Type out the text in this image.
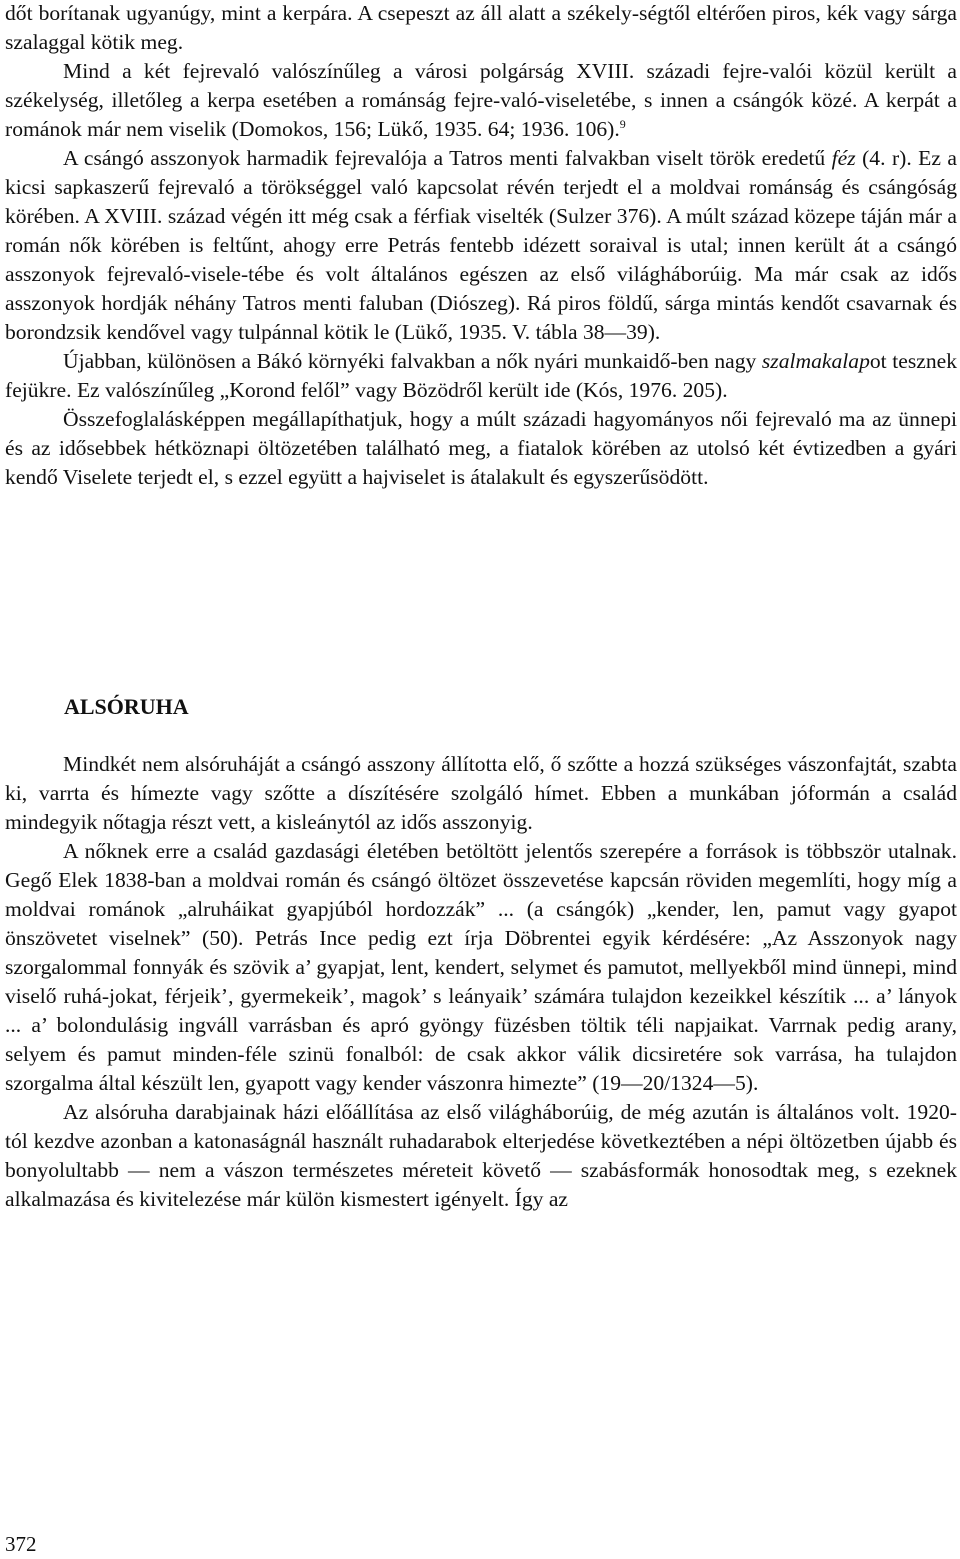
dőt borítanak ugyanúgy, mint a kerpára. A csepeszt az áll alatt a székely-ségtől eltérően piros, kék vagy sárga szalaggal kötik meg.

Mind a két fejrevaló valószínűleg a városi polgárság XVIII. századi fejre-valói közül került a székelység, illetőleg a kerpa esetében a románság fejre-való-viseletébe, s innen a csángók közé. A kerpát a románok már nem viselik (Domokos, 156; Lükő, 1935. 64; 1936. 106).$^9$

A csángó asszonyok harmadik fejrevalója a Tatros menti falvakban viselt török eredetű féz (4. r). Ez a kicsi sapkaszerű fejrevaló a törökséggel való kapcsolat révén terjedt el a moldvai románság és csángóság körében. A XVIII. század végén itt még csak a férfiak viselték (Sulzer 376). A múlt század közepe táján már a román nők körében is feltűnt, ahogy erre Petrás fentebb idézett soraival is utal; innen került át a csángó asszonyok fejrevaló-visele-tébe és volt általános egészen az első világháborúig. Ma már csak az idős asszonyok hordják néhány Tatros menti faluban (Diószeg). Rá piros földű, sárga mintás kendőt csavarnak és borondzsik kendővel vagy tulpánnal kötik le (Lükő, 1935. V. tábla 38—39).

Újabban, különösen a Bákó környéki falvakban a nők nyári munkaidő-ben nagy szalmakalapot tesznek fejükre. Ez valószínűleg „Korond felől” vagy Bözödről került ide (Kós, 1976. 205).

Összefoglalásképpen megállapíthatjuk, hogy a múlt századi hagyományos női fejrevaló ma az ünnepi és az idősebbek hétköznapi öltözetében található meg, a fiatalok körében az utolsó két évtizedben a gyári kendő Viselete terjedt el, s ezzel együtt a hajviselet is átalakult és egyszerűsödött.

Mindkét nem alsóruháját a csángó asszony állította elő, ő szőtte a hozzá szükséges vászonfajtát, szabta ki, varrta és hímezte vagy szőtte a díszítésére szolgáló hímet. Ebben a munkában jóformán a család mindegyik nőtagja részt vett, a kisleánytól az idős asszonyig.

A nőknek erre a család gazdasági életében betöltött jelentős szerepére a források is többször utalnak. Gegő Elek 1838-ban a moldvai román és csángó öltözet összevetése kapcsán röviden megemlíti, hogy míg a moldvai románok „alruháikat gyapjúból hordozzák” ... (a csángók) „kender, len, pamut vagy gyapot önszövetet viselnek” (50). Petrás Ince pedig ezt írja Döbrentei egyik kérdésére: „Az Asszonyok nagy szorgalommal fonnyák és szövik a’ gyapjat, lent, kendert, selymet és pamutot, mellyekből mind ünnepi, mind viselő ruhá-jokat, férjeik’, gyermekeik’, magok’ s leányaik’ számára tulajdon kezeikkel készítik ... a’ lányok ... a’ bolondulásig ingváll varrásban és apró gyöngy füzésben töltik téli napjaikat. Varrnak pedig arany, selyem és pamut minden-féle szinü fonalból: de csak akkor válik dicsiretére sok varrása, ha tulajdon szorgalma által készült len, gyapott vagy kender vászonra himezte” (19—20/1324—5).

Az alsóruha darabjainak házi előállítása az első világháborúig, de még azután is általános volt. 1920-tól kezdve azonban a katonaságnál használt ruhadarabok elterjedése következtében a népi öltözetben újabb és bonyolultabb — nem a vászon természetes méreteit követő — szabásformák honosodtak meg, s ezeknek alkalmazása és kivitelezése már külön kismestert igényelt. Így az

ALSÓRUHA
372
